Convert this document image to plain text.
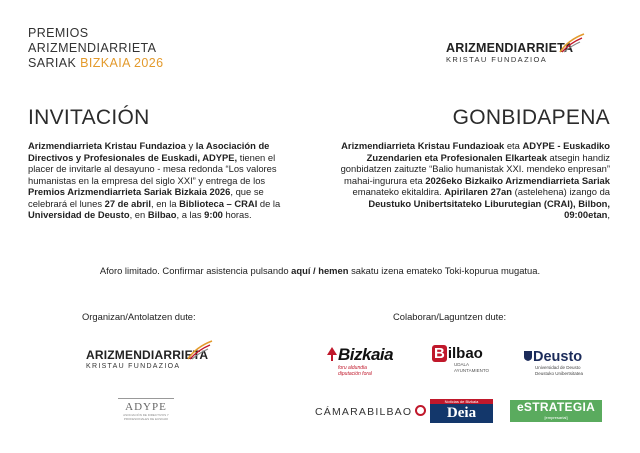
PREMIOS
ARIZMENDIARRIETA
SARIAK BIZKAIA 2026
ARIZMENDIARRIETA
KRISTAU FUNDAZIOA
INVITACIÓN	GONBIDAPENA

Arizmendiarrieta Kristau Fundazioa y la Asociación de Directivos y Profesionales de Euskadi, ADYPE, tienen el placer de invitarle al desayuno - mesa redonda “Los valores humanistas en la empresa del siglo XXI” y entrega de los Premios Arizmendiarrieta Sariak Bizkaia 2026, que se celebrará el lunes 27 de abril, en la Biblioteca – CRAI de la Universidad de Deusto, en Bilbao, a las 9:00 horas.

Arizmendiarrieta Kristau Fundazioak eta ADYPE - Euskadiko Zuzendarien eta Profesionalen Elkarteak atsegin handiz gonbidatzen zaituzte “Balio humanistak XXI. mendeko enpresan” mahai-ingurura eta 2026eko Bizkaiko Arizmendiarrieta Sariak emanateko ekitaldira. Apirilaren 27an (astelehena) izango da Deustuko Unibertsitateko Liburutegian (CRAI), Bilbon, 09:00etan,

Aforo limitado. Confirmar asistencia pulsando aquí / hemen sakatu izena emateko Toki-kopurua mugatua.

Organizan/Antolatzen dute:	Colaboran/Laguntzen dute:
ARIZMENDIARRIETA
KRISTAU FUNDAZIOA
ADYPE
ASOCIACIÓN DE DIRECTIVOS Y PROFESIONALES DE EUSKADI
Bizkaia
foru aldundia
diputación foral
B ilbao
UDALA
AYUNTAMIENTO
Deusto
Universidad de Deusto
Deustuko Unibertsitatea
CÁMARABILBAO
Noticias de Bizkaia
Deia	eSTRATEGIA
[empresarial]
